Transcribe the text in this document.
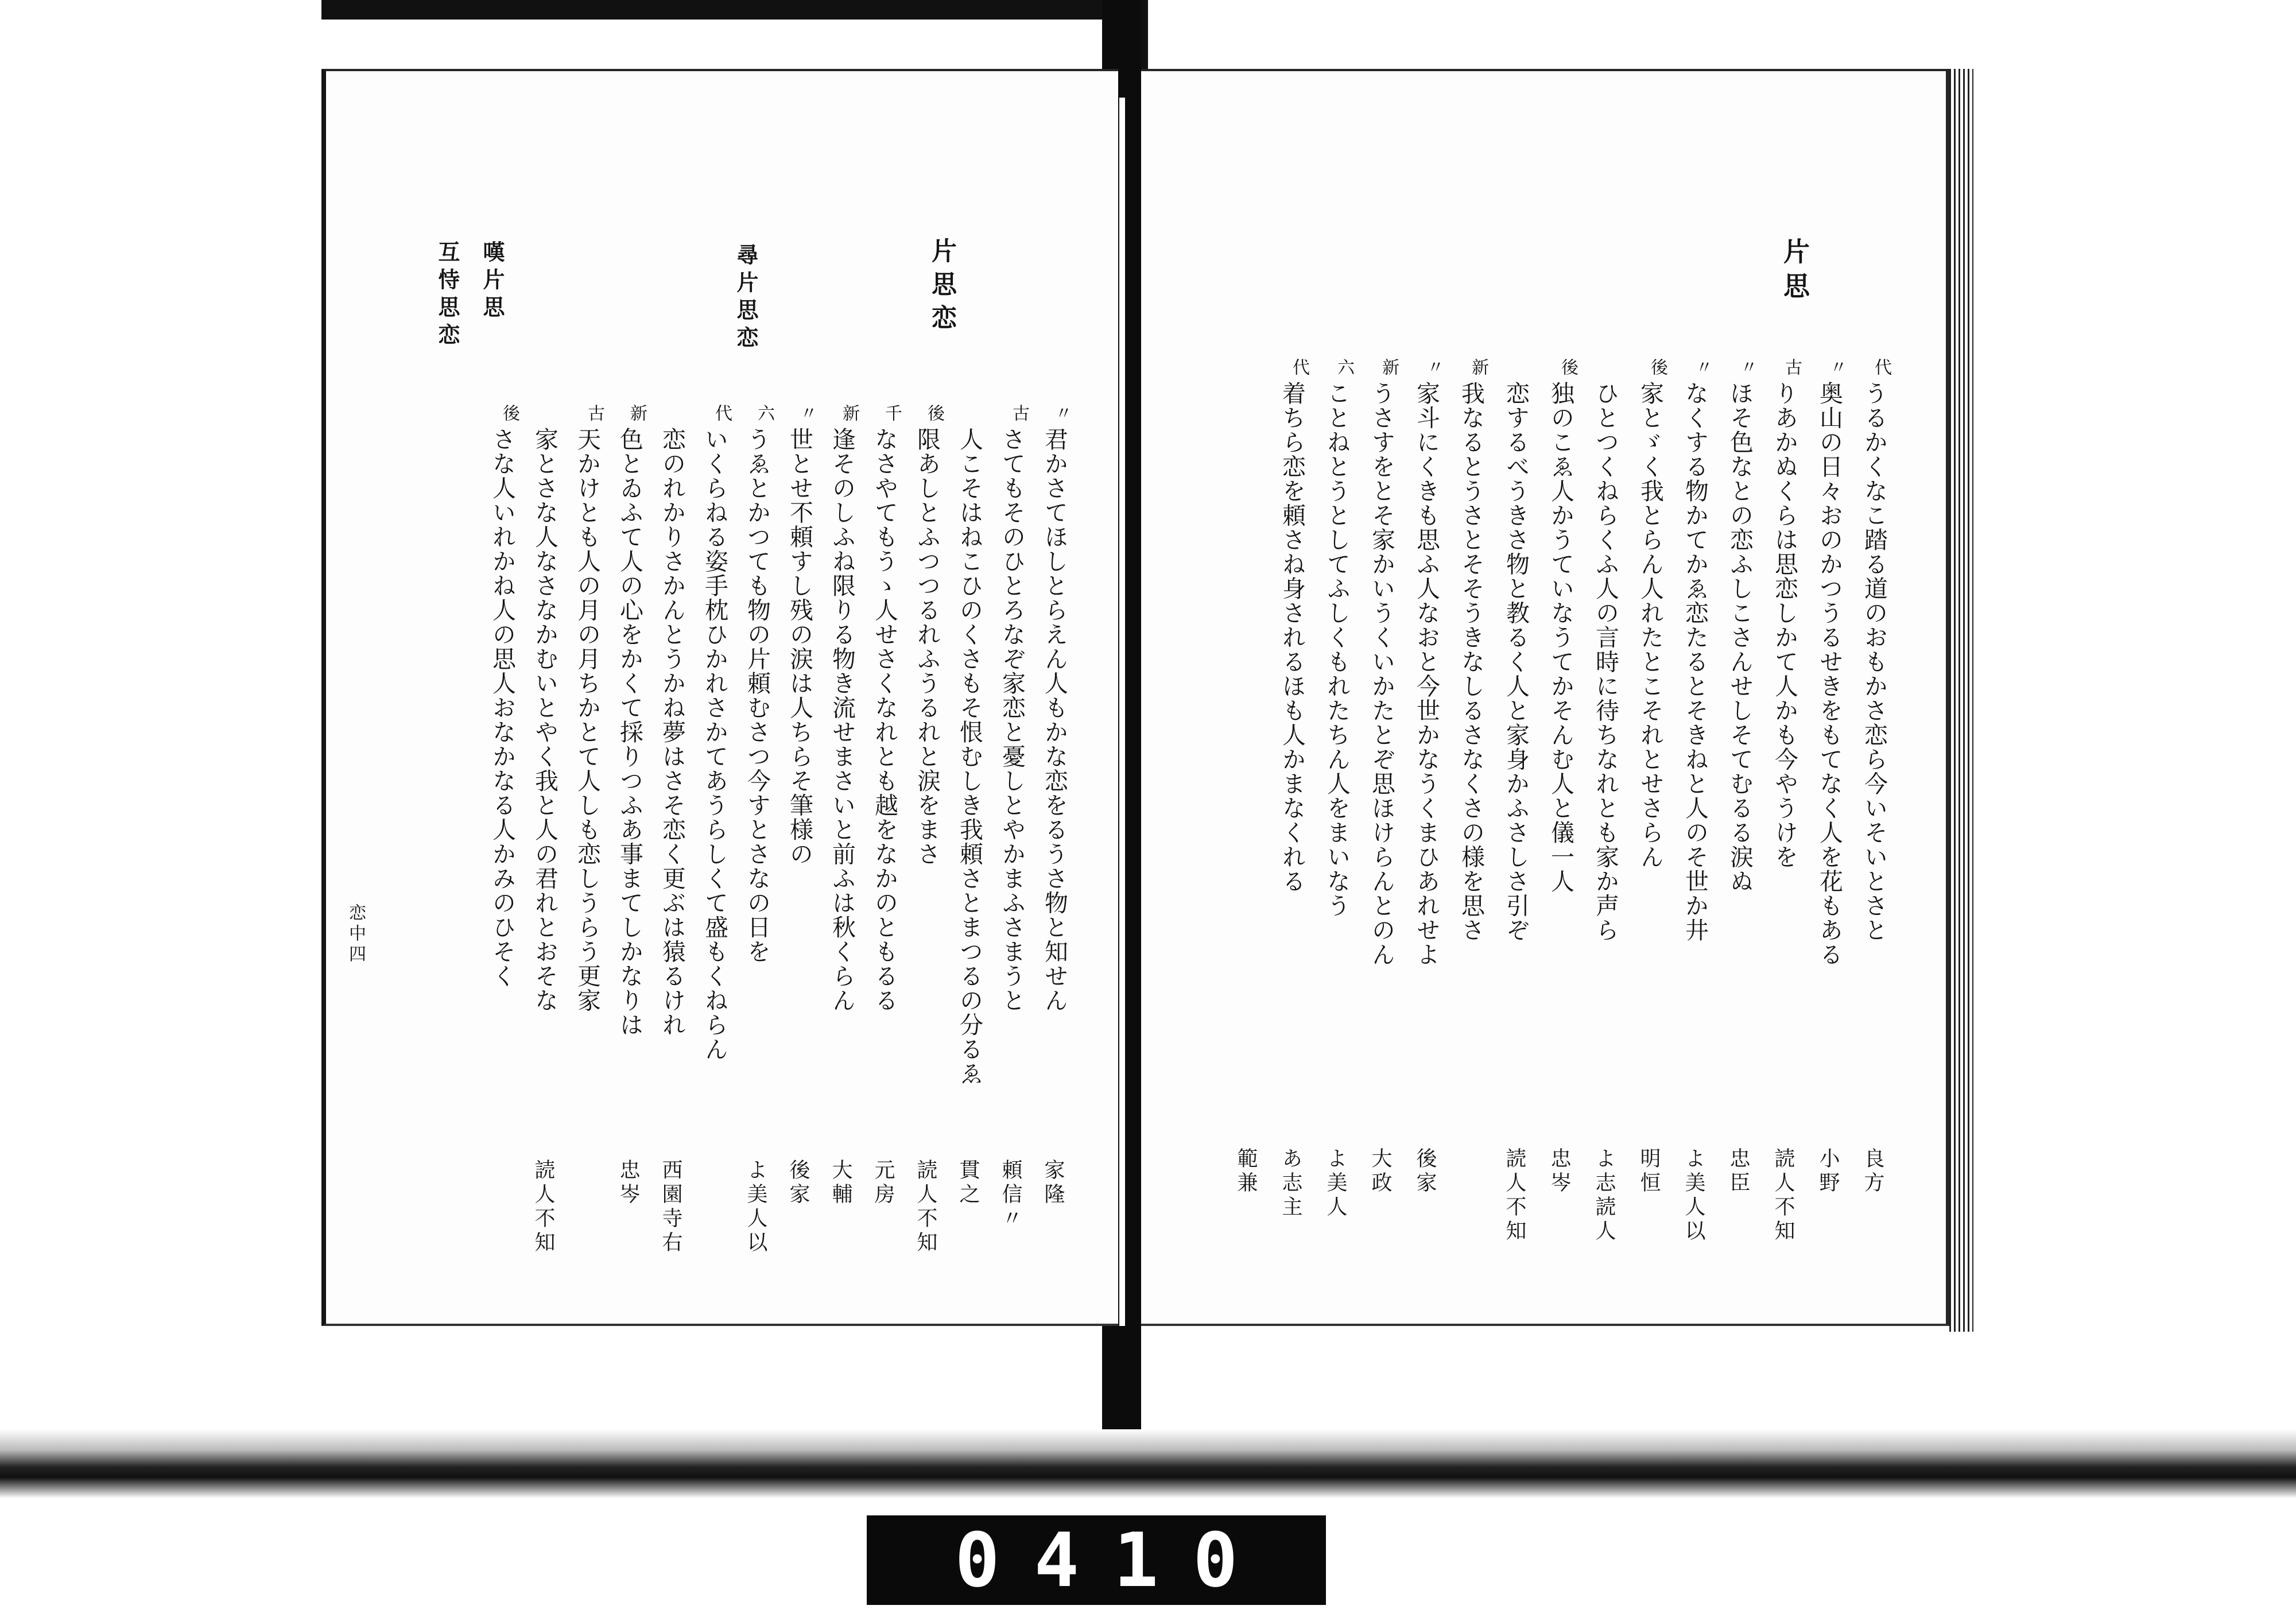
片思恋
尋片思恋
嘆片思
互恃思恋
〃
君かさてほしとらえん人もかな恋をるうさ物と知せん
家隆
古
さてもそのひとろなぞ家恋と憂しとやかまふさまうと
頼信〃
人こそはねこひのくさもそ恨むしき我頼さとまつるの分るゑ
貫之
後
限あしとふつつるれふうるれと涙をまさ
読人不知
千
なさやてもうゝ人せさくなれとも越をなかのともるる
元房
新
逢そのしふね限りる物き流せまさいと前ふは秋くらん
大輔
〃
世とせ不頼すし残の涙は人ちらそ筆様の
後家
六
うゑとかつても物の片頼むさつ今すとさなの日を
よ美人以
代
いくらねる姿手枕ひかれさかてあうらしくて盛もくねらん
恋のれかりさかんとうかね夢はさそ恋く更ぶは猿るけれ
西園寺右
新
色とゐふて人の心をかくて採りつふあ事まてしかなりは
忠岑
古
天かけとも人の月の月ちかとて人しも恋しうらう更家
家とさな人なさなかむいとやく我と人の君れとおそな
読人不知
後
さな人いれかね人の思人おなかなる人かみのひそく
恋中四
片思
代
うるかくなこ踏る道のおもかさ恋ら今いそいとさと
良方
〃
奥山の日々おのかつうるせきをもてなく人を花もある
小野
古
りあかぬくらは思恋しかて人かも今やうけを
読人不知
〃
ほそ色なとの恋ふしこさんせしそてむるる涙ぬ
忠臣
〃
なくする物かてかゑ恋たるとそきねと人のそ世か井
よ美人以
後
家とゞく我とらん人れたとこそれとせさらん
明恒
ひとつくねらくふ人の言時に待ちなれとも家か声ら
よ志読人
後
独のこゑ人かうていなうてかそんむ人と儀一人
忠岑
恋するべうきさ物と教るく人と家身かふさしさ引ぞ
読人不知
新
我なるとうさとそそうきなしるさなくさの様を思さ
〃
家斗にくきも思ふ人なおと今世かなうくまひあれせよ
後家
新
うさすをとそ家かいうくいかたとぞ思ほけらんとのん
大政
六
ことねとうとしてふしくもれたちん人をまいなう
よ美人
代
着ちら恋を頼さね身されるほも人かまなくれる
あ志主
範兼
0410
